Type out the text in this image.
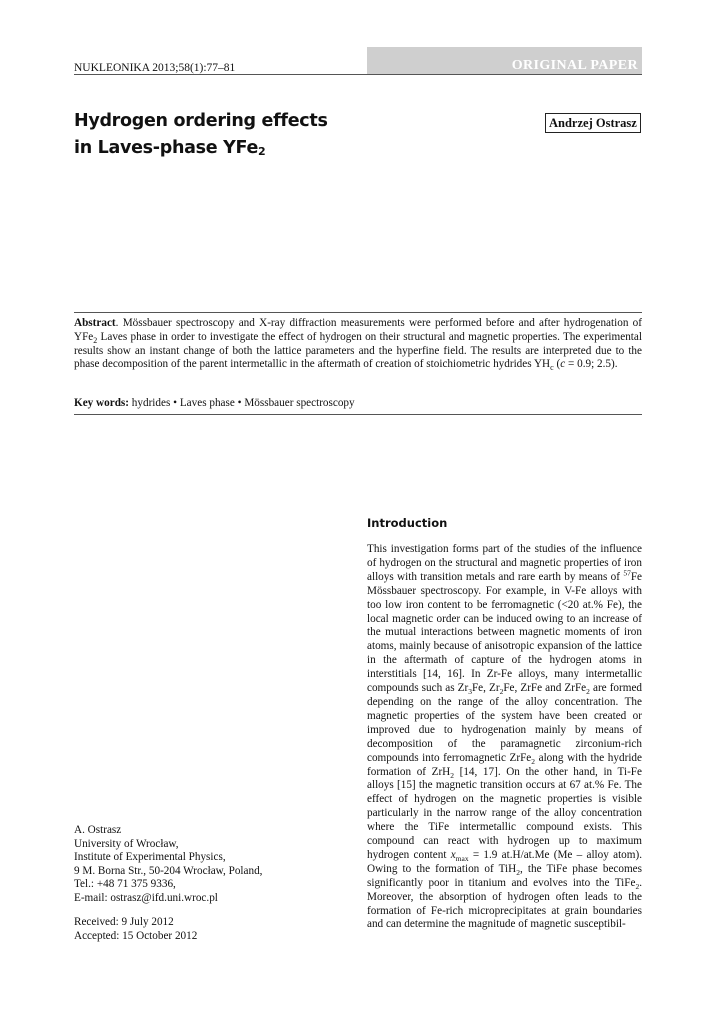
NUKLEONIKA 2013;58(1):77–81	ORIGINAL PAPER
Hydrogen ordering effects
in Laves-phase YFe$_2$
Andrzej Ostrasz
Abstract. Mössbauer spectroscopy and X-ray diffraction measurements were performed before and after hydrogenation of YFe$_2$ Laves phase in order to investigate the effect of hydrogen on their structural and magnetic properties. The experimental results show an instant change of both the lattice parameters and the hyperfine field. The results are interpreted due to the phase decomposition of the parent intermetallic in the aftermath of creation of stoichiometric hydrides $YH_c$ (c = 0.9; 2.5).
Key words: hydrides • Laves phase • Mössbauer spectroscopy
Introduction
This investigation forms part of the studies of the influence of hydrogen on the structural and magnetic properties of iron alloys with transition metals and rare earth by means of $^{57}$Fe Mössbauer spectroscopy. For example, in V-Fe alloys with too low iron content to be ferromagnetic (<20 at.% Fe), the local magnetic order can be induced owing to an increase of the mutual interactions between magnetic moments of iron atoms, mainly because of anisotropic expansion of the lattice in the aftermath of capture of the hydrogen atoms in interstitials [14, 16]. In Zr-Fe alloys, many intermetallic compounds such as $Zr_3Fe$, $Zr_2Fe$, ZrFe and ZrFe$_2$ are formed depending on the range of the alloy concentration. The magnetic properties of the system have been created or improved due to hydrogenation mainly by means of decomposition of the paramagnetic zirconium-rich compounds into ferromagnetic ZrFe$_2$ along with the hydride formation of ZrH$_2$ [14, 17]. On the other hand, in Ti-Fe alloys [15] the magnetic transition occurs at 67 at.% Fe. The effect of hydrogen on the magnetic properties is visible particularly in the narrow range of the alloy concentration where the TiFe intermetallic compound exists. This compound can react with hydrogen up to maximum hydrogen content $x_{max} = 1.9$ at.H/at.Me (Me – alloy atom). Owing to the formation of TiH$_2$, the TiFe phase becomes significantly poor in titanium and evolves into the TiFe$_2$. Moreover, the absorption of hydrogen often leads to the formation of Fe-rich microprecipitates at grain boundaries and can determine the magnitude of magnetic susceptibil-
A. Ostrasz
University of Wrocław,
Institute of Experimental Physics,
9 M. Borna Str., 50-204 Wrocław, Poland,
Tel.: +48 71 375 9336,
E-mail: ostrasz@ifd.uni.wroc.pl
Received: 9 July 2012
Accepted: 15 October 2012
